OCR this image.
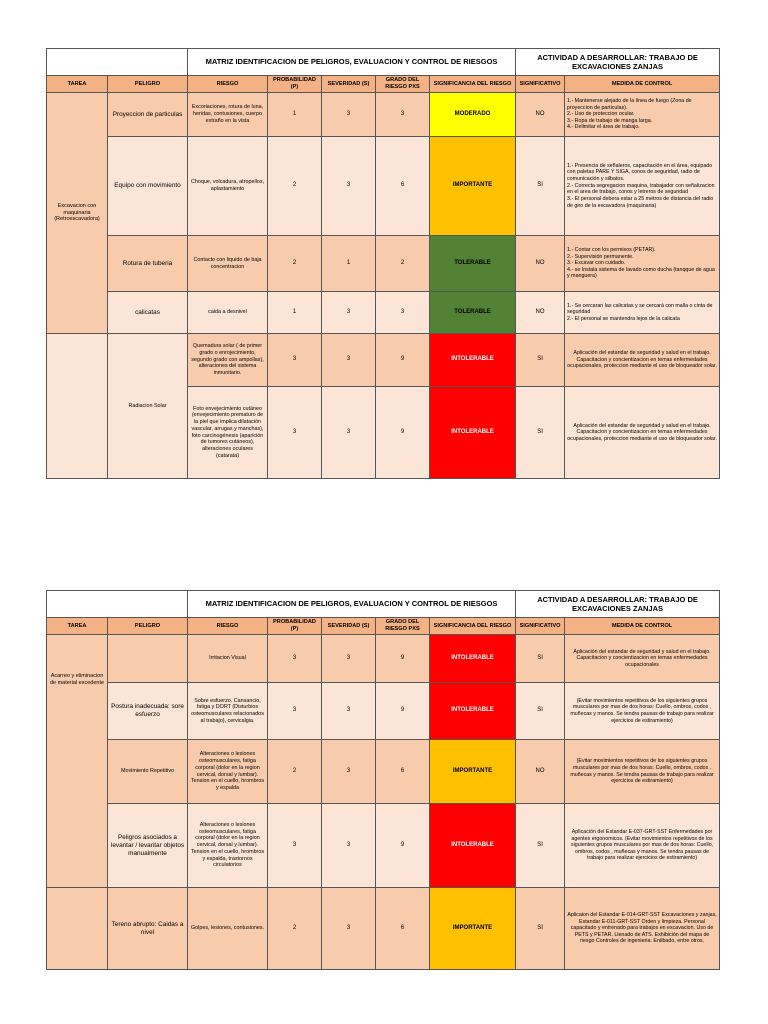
		MATRIZ IDENTIFICACION DE PELIGROS, EVALUACION Y CONTROL DE RIESGOS					ACTIVIDAD A DESARROLLAR: TRABAJO DE EXCAVACIONES ZANJAS	
TAREA	PELIGRO	RIESGO	PROBABILIDAD (P)	SEVERIDAD (S)	GRADO DEL RIESGO PXS	SIGNIFICANCIA DEL RIESGO	SIGNIFICATIVO	MEDIDA DE CONTROL
Excavacion con maquinaria (Retroescavadora)	Proyeccion de particulas	Excoriaciones, rotura de luna, heridas, contusiones, cuerpo extraño en la vista	1	3	3	MODERADO	NO	1.- Mantenerse alejado de la linea de fuego (Zona de proyeccion de particulas).
2.- Uso de proteccion ocular.
3.- Ropa de trabajo de manga larga.
4.- Delimitar el área de trabajo.
	Equipo con movimiento	Choque, volcadura, atropellos, aplastamiento	2	3	6	IMPORTANTE	SI	1.- Presencia de señaleros, capacitación en el área, equipado con paletas PARE Y SIGA, conos de seguridad, radio de comunicación y silbatos.
2.- Correcta segregacion maquina, trabajador con señalizacion en el area de trabajo, conos y letreros de seguridad
3.- El personal debera estar a 25 metros de distancia del radio de giro de la excavadora (maquinaria)
	Rotura de tuberia	Contacto con liquido de baja concentracion	2	1	2	TOLERABLE	NO	1.- Contar con los permisos (PETAR).
2.- Supervisión permanente.
3.- Excavar con cuidado.
4.- se Instala sistema de lavado como ducha (tanqque de agua y manguera)
	calicatas	caida a desnivel	1	3	3	TOLERABLE	NO	1.- Se cercaran las calicatas y se cercará con malla o cinta de seguridad
2.- El personal se mantendra lejos de la calicata
	Radiacion Solar	Quemadura solar ( de primer grado o enrojecimiento, segundo grado con ampollas), alteraciones del sistema inmunitario.	3	3	9	INTOLERABLE	SI	Aplicación del estandar de seguridad y salud en el trabajo. Capacitacion y concientizacion en temas enfermedades ocupacionales, proteccion mediante el uso de bloqueador solar.
		Foto envejecimiento cutáneo (envejecimiento prematuro de la piel que implica dilatación vascular, arrugas y manchas), foto carcinogénesis (aparición de tumores cutáneos), alteraciones oculares (catarata)	3	3	9	INTOLERABLE	SI	Aplicación del estandar de seguridad y salud en el trabajo. Capacitacion y concientizacion en temas enfermedades ocupacionales, proteccion mediante el uso de bloqueador solar.
		MATRIZ IDENTIFICACION DE PELIGROS, EVALUACION Y CONTROL DE RIESGOS					ACTIVIDAD A DESARROLLAR: TRABAJO DE EXCAVACIONES ZANJAS	
TAREA	PELIGRO	RIESGO	PROBABILIDAD (P)	SEVERIDAD (S)	GRADO DEL RIESGO PXS	SIGNIFICANCIA DEL RIESGO	SIGNIFICATIVO	MEDIDA DE CONTROL
Acarreo y eliminacion de material excedente		Irritacion Visual	3	3	9	INTOLERABLE	SI	Aplicación del estandar de seguridad y salud en el trabajo. Capacitacion y concientizacion en temas enfermedades ocupacionales
	Postura inadecuada: sore esfuerzo	Sobre esfuerzo. Cansancio, fatiga y DORT (Disturbios osteomusculares relacionados al trabajo), cervicalgia.	3	3	9	INTOLERABLE	SI	(Evitar movimientos repetitivos de los siguientes grupos musculares por mas de dos horas: Cuello, ombros, codos , muñecas y manos. Se tendra pausas de trabajo para realizar ejercicios de estiramiento)
	Movimiento Repetitivo	Alteraciones o lesiones osteomusculares, fatiga corporal (dolor en la region cervical, dorsal y lumbar). Tension en el cuello, hrombros y espalda	2	3	6	IMPORTANTE	NO	(Evitar movimientos repetitivos de los siguientes grupos musculares por mas de dos horas: Cuello, ombros, codos , muñecas y manos. Se tendra pausas de trabajo para realizar ejercicios de estiramiento)
	Peligros asociados a levantar / levantar objetos manualmente	Alteraciones o lesiones osteomusculares, fatiga corporal (dolor en la region cervical, dorsal y lumbar). Tension en el cuello, hrombros y espalda, trastornos circulatorios	3	3	9	INTOLERABLE	SI	Aplicación del Estandar E-037-GRT-SST Enfermedades por agentes ergonomicos. (Evitar movimientos repetitivos de los siguientes grupos musculares por mas de dos horas: Cuello, ombros, codos , muñecas y manos. Se tendra pausas de trabajo para realizar ejercicios de estiramiento)
	Tereno abrupto: Caidas a nivel	Golpes, lesiones, contusiones.	2	3	6	IMPORTANTE	SI	Aplicaion del Estandar E-014-GRT-SST Excavaciones y zanjas, Estandar E-011-GRT-SST Orden y limpieza. Personal capacitado y entrenado para trabajos en excavacion. Uso de PETS y PETAR. Llenado de ATS. Exhibición del mapa de riesgo Controles de ingenieria: Entibado, entre otros.
